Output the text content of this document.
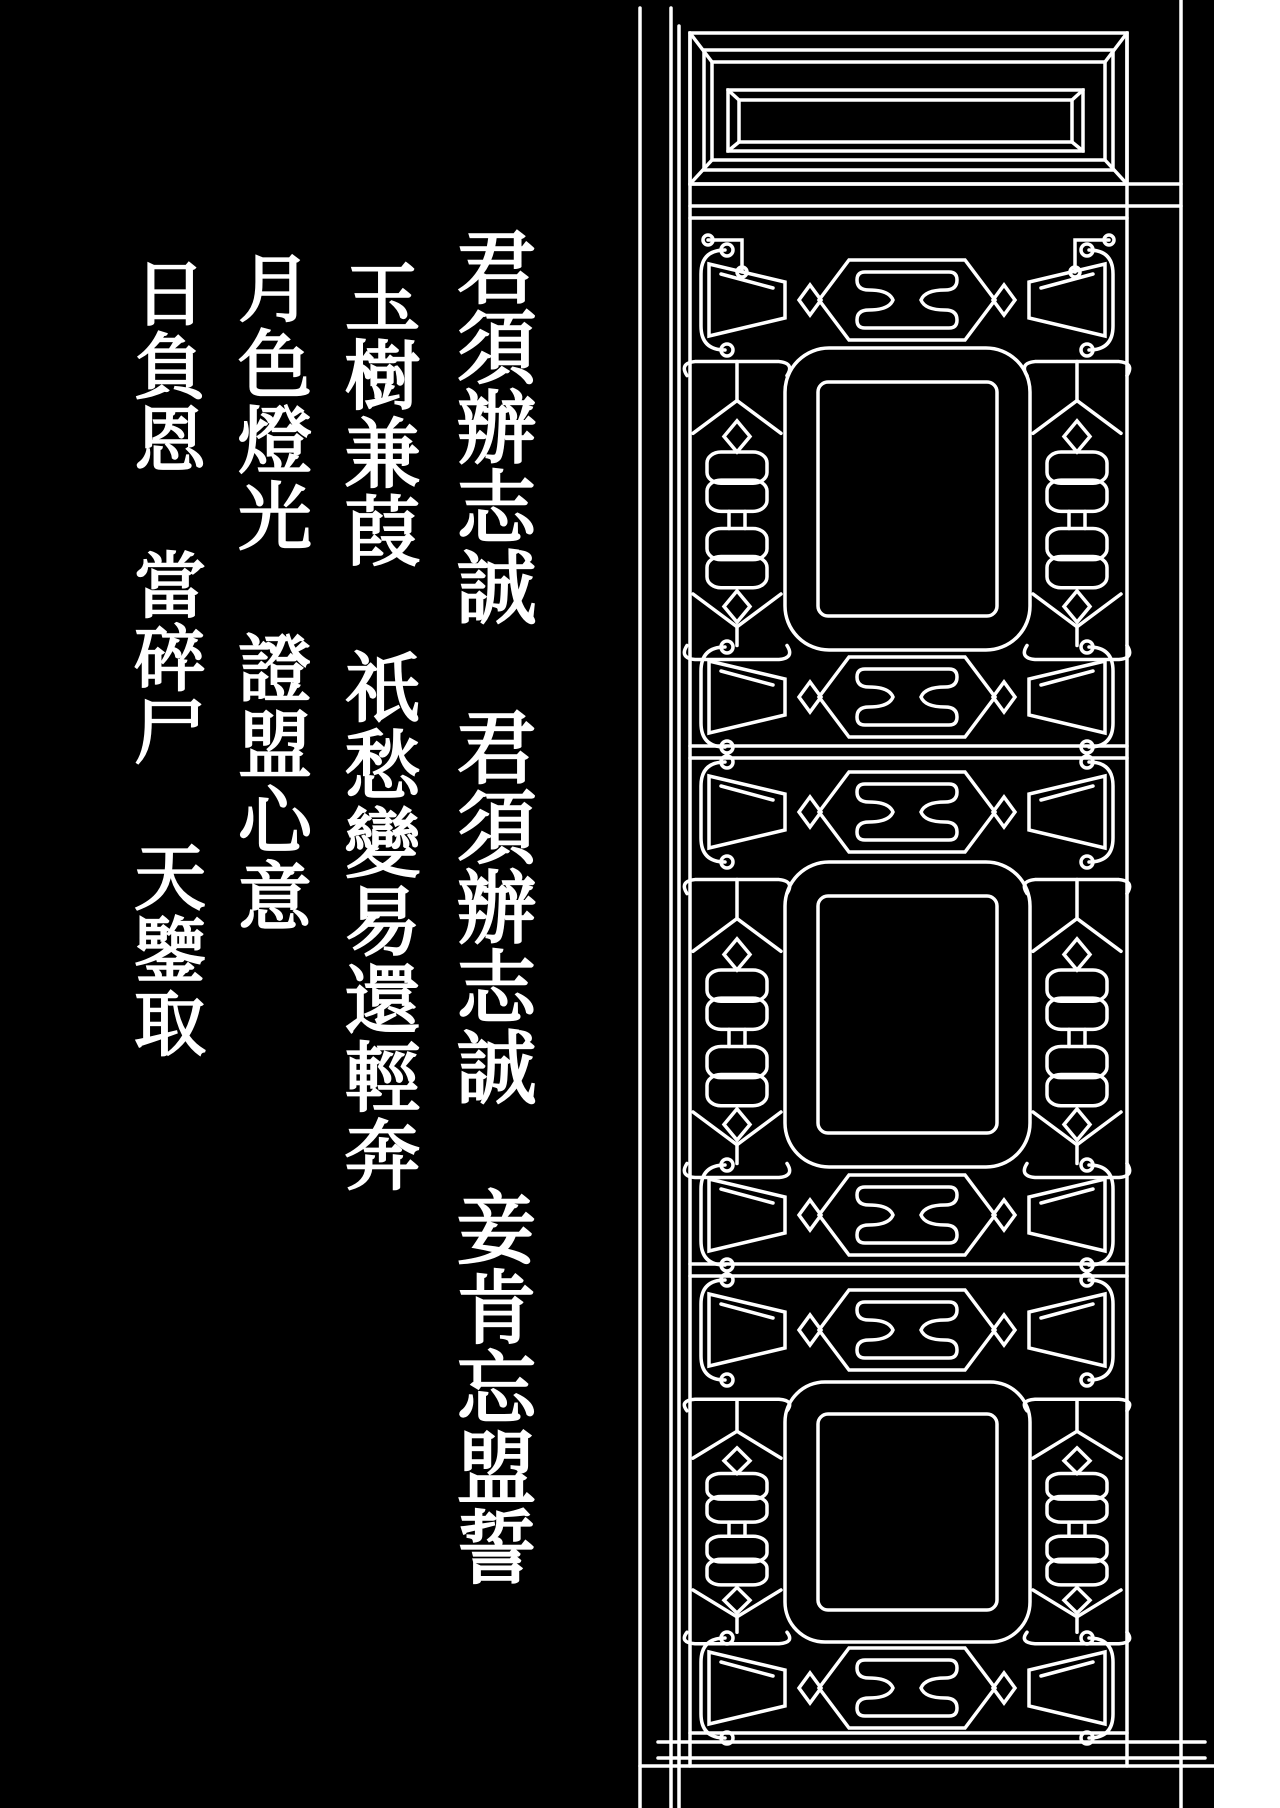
君須辦志誠　君須辦志誠　妾肯忘盟誓
玉樹兼葭　祇愁變易還輕奔
月色燈光　證盟心意
日負恩　當碎尸　天鑒取
